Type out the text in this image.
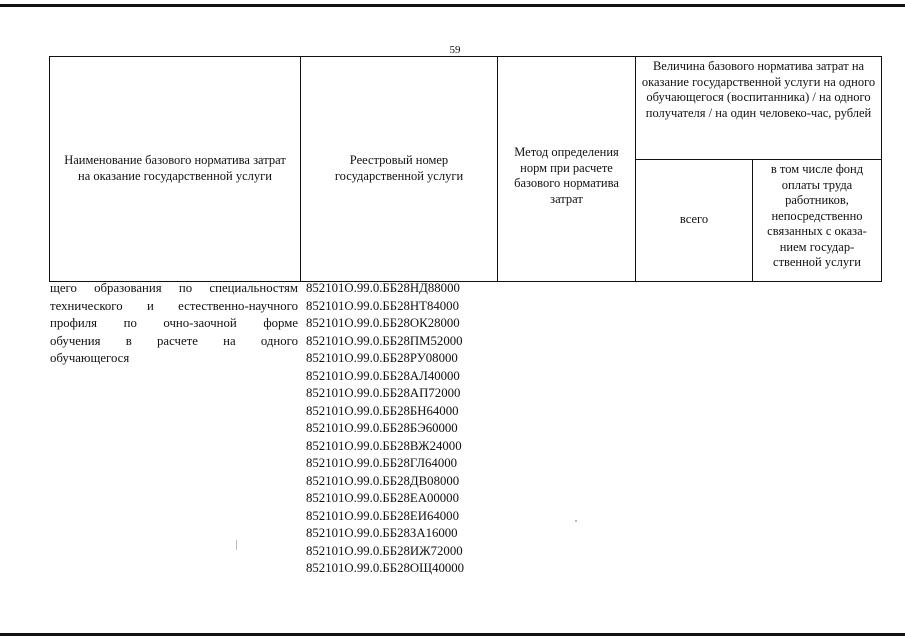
59
Наименование базового норматива затрат на оказание государственной услуги
Реестровый номер государственной услуги
Метод определения норм при расчете базового норматива затрат
Величина базового норматива затрат на оказание государственной услуги на одного обучающегося (воспитанника) / на одного получателя / на один человеко-час, рублей
всего
в том числе фонд оплаты труда работников, непосредственно связанных с оказа- нием государ- ственной услуги
щего образования по специальностям
технического и естественно-научного
профиля по очно-заочной форме
обучения в расчете на одного
обучающегося
852101О.99.0.ББ28НД88000
852101О.99.0.ББ28НТ84000
852101О.99.0.ББ28ОК28000
852101О.99.0.ББ28ПМ52000
852101О.99.0.ББ28РУ08000
852101О.99.0.ББ28АЛ40000
852101О.99.0.ББ28АП72000
852101О.99.0.ББ28БН64000
852101О.99.0.ББ28БЭ60000
852101О.99.0.ББ28ВЖ24000
852101О.99.0.ББ28ГЛ64000
852101О.99.0.ББ28ДВ08000
852101О.99.0.ББ28ЕА00000
852101О.99.0.ББ28ЕИ64000
852101О.99.0.ББ28ЗА16000
852101О.99.0.ББ28ИЖ72000
852101О.99.0.ББ28ОЩ40000
